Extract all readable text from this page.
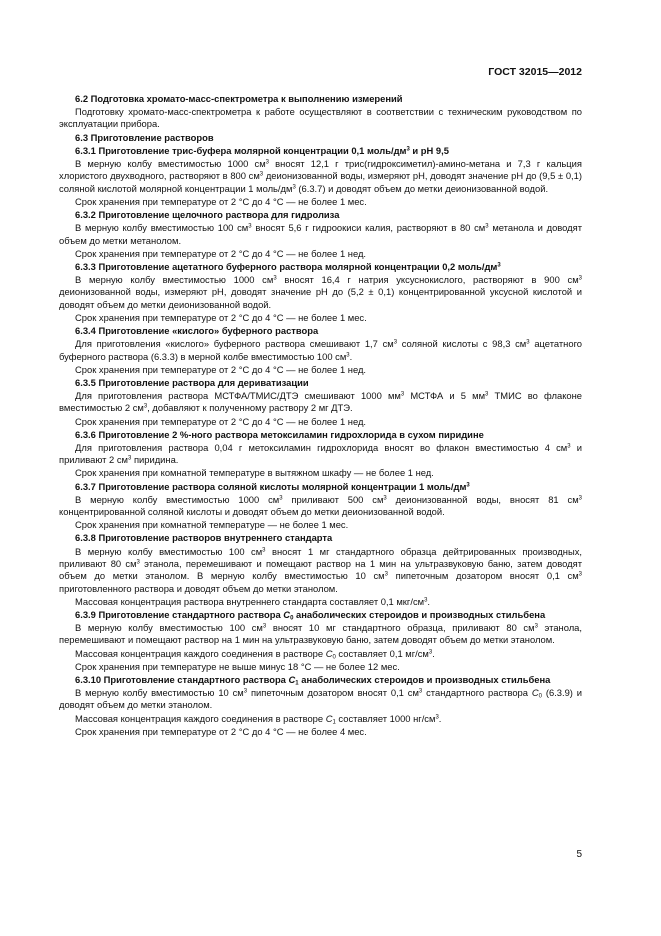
ГОСТ 32015—2012

6.2 Подготовка хромато-масс-спектрометра к выполнению измерений

Подготовку хромато-масс-спектрометра к работе осуществляют в соответствии с техническим руководством по эксплуатации прибора.

6.3 Приготовление растворов

6.3.1 Приготовление трис-буфера молярной концентрации 0,1 моль/$дм^3$ и pH 9,5

В мерную колбу вместимостью 1000 $см^3$ вносят 12,1 г трис(гидроксиметил)-амино-метана и 7,3 г кальция хлористого двухводного, растворяют в 800 $см^3$ деионизованной воды, измеряют pH, доводят значение pH до (9,5 ± 0,1) соляной кислотой молярной концентрации 1 моль/$дм^3$ (6.3.7) и доводят объем до метки деионизованной водой.

Срок хранения при температуре от 2 °С до 4 °С — не более 1 мес.

6.3.2 Приготовление щелочного раствора для гидролиза

В мерную колбу вместимостью 100 $см^3$ вносят 5,6 г гидроокиси калия, растворяют в 80 $см^3$ метанола и доводят объем до метки метанолом.

Срок хранения при температуре от 2 °С до 4 °С — не более 1 нед.

6.3.3 Приготовление ацетатного буферного раствора молярной концентрации 0,2 моль/$дм^3$

В мерную колбу вместимостью 1000 $см^3$ вносят 16,4 г натрия уксуснокислого, растворяют в 900 $см^3$ деионизованной воды, измеряют pH, доводят значение pH до (5,2 ± 0,1) концентрированной уксусной кислотой и доводят объем до метки деионизованной водой.

Срок хранения при температуре от 2 °С до 4 °С — не более 1 мес.

6.3.4 Приготовление «кислого» буферного раствора

Для приготовления «кислого» буферного раствора смешивают 1,7 $см^3$ соляной кислоты с 98,3 $см^3$ ацетатного буферного раствора (6.3.3) в мерной колбе вместимостью 100 $см^3$.

Срок хранения при температуре от 2 °С до 4 °С — не более 1 нед.

6.3.5 Приготовление раствора для дериватизации

Для приготовления раствора МСТФА/ТМИС/ДТЭ смешивают 1000 $мм^3$ МСТФА и 5 $мм^3$ ТМИС во флаконе вместимостью 2 $см^3$, добавляют к полученному раствору 2 мг ДТЭ.

Срок хранения при температуре от 2 °С до 4 °С — не более 1 нед.

6.3.6 Приготовление 2 %-ного раствора метоксиламин гидрохлорида в сухом пиридине

Для приготовления раствора 0,04 г метоксиламин гидрохлорида вносят во флакон вместимостью 4 $см^3$ и приливают 2 $см^3$ пиридина.

Срок хранения при комнатной температуре в вытяжном шкафу — не более 1 нед.

6.3.7 Приготовление раствора соляной кислоты молярной концентрации 1 моль/$дм^3$

В мерную колбу вместимостью 1000 $см^3$ приливают 500 $см^3$ деионизованной воды, вносят 81 $см^3$ концентрированной соляной кислоты и доводят объем до метки деионизованной водой.

Срок хранения при комнатной температуре — не более 1 мес.

6.3.8 Приготовление растворов внутреннего стандарта

В мерную колбу вместимостью 100 $см^3$ вносят 1 мг стандартного образца дейтрированных производных, приливают 80 $см^3$ этанола, перемешивают и помещают раствор на 1 мин на ультразвуковую баню, затем доводят объем до метки этанолом. В мерную колбу вместимостью 10 $см^3$ пипеточным дозатором вносят 0,1 $см^3$ приготовленного раствора и доводят объем до метки этанолом.

Массовая концентрация раствора внутреннего стандарта составляет 0,1 мкг/$см^3$.

6.3.9 Приготовление стандартного раствора $С_0$ анаболических стероидов и производных стильбена

В мерную колбу вместимостью 100 $см^3$ вносят 10 мг стандартного образца, приливают 80 $см^3$ этанола, перемешивают и помещают раствор на 1 мин на ультразвуковую баню, затем доводят объем до метки этанолом.

Массовая концентрация каждого соединения в растворе $С_0$ составляет 0,1 $мг/см^3$.

Срок хранения при температуре не выше минус 18 °С — не более 12 мес.

6.3.10 Приготовление стандартного раствора $С_1$ анаболических стероидов и производных стильбена

В мерную колбу вместимостью 10 $см^3$ пипеточным дозатором вносят 0,1 $см^3$ стандартного раствора $С_0$ (6.3.9) и доводят объем до метки этанолом.

Массовая концентрация каждого соединения в растворе $С_1$ составляет 1000 $нг/см^3$.

Срок хранения при температуре от 2 °С до 4 °С — не более 4 мес.

5
